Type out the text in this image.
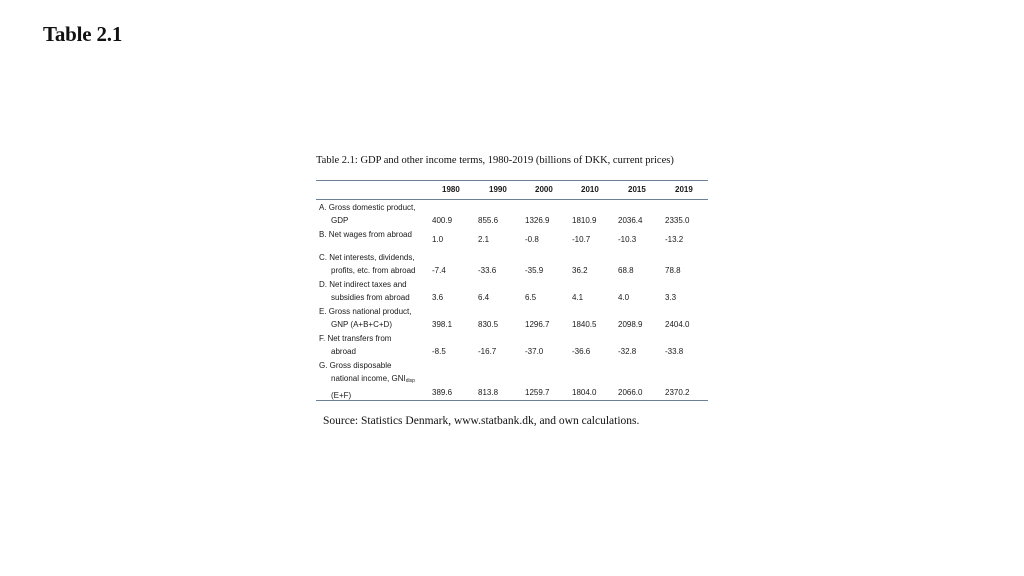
Table 2.1
Table 2.1: GDP and other income terms, 1980-2019 (billions of DKK, current prices)
1980	1990	2000	2010	2015	2019
A. Gross domestic product,
GDP	400.9	855.6	1326.9	1810.9	2036.4	2335.0
B. Net wages from abroad
1.0	2.1	-0.8	-10.7	-10.3	-13.2
C. Net interests, dividends,
profits, etc. from abroad -7.4	-33.6	-35.9	36.2	68.8	78.8
D. Net indirect taxes and
subsidies from abroad	3.6	6.4	6.5	4.1	4.0	3.3
E. Gross national product,
GNP (A+B+C+D)	398.1	830.5	1296.7	1840.5	2098.9	2404.0
F. Net transfers from
abroad	-8.5	-16.7	-37.0	-36.6	-32.8	-33.8
G. Gross disposable
national income, $GNI_{disp}$
(E+F)	389.6	813.8	1259.7	1804.0	2066.0	2370.2
Source: Statistics Denmark, www.statbank.dk, and own calculations.
